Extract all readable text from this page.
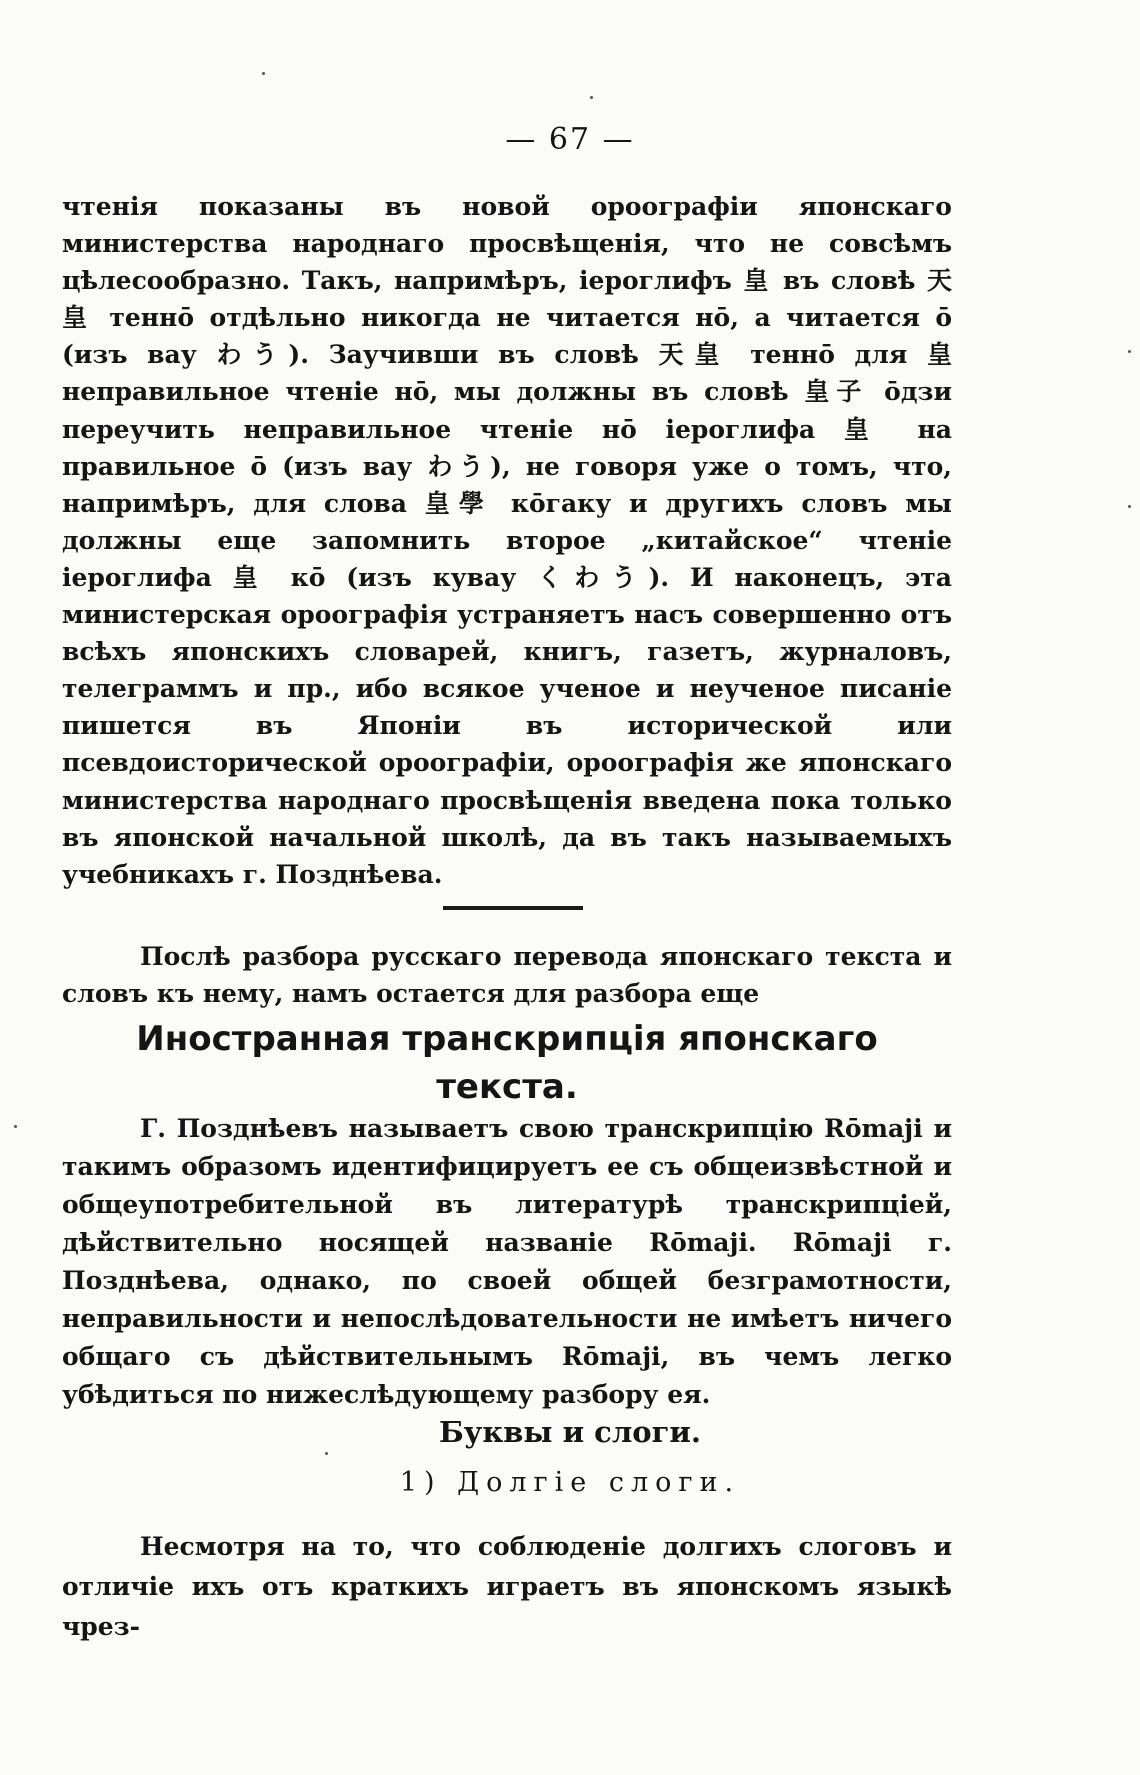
— 67 —
чтенія показаны въ новой ороографіи японскаго министерства народнаго просвѣщенія, что не совсѣмъ цѣлесообразно. Такъ, напримѣръ, іероглифъ 皇 въ словѣ 天皇 теннō отдѣльно никогда не читается нō, а читается ō (изъ вау わう). Заучивши въ словѣ 天皇 теннō для 皇 неправильное чтеніе нō, мы должны въ словѣ 皇子 ōдзи переучить неправильное чтеніе нō іероглифа 皇 на правильное ō (изъ вау わう), не говоря уже о томъ, что, напримѣръ, для слова 皇學 кōгаку и другихъ словъ мы должны еще запомнить второе „китайское“ чтеніе іероглифа 皇 кō (изъ кувау くわう). И наконецъ, эта министерская ороографія устраняетъ насъ совершенно отъ всѣхъ японскихъ словарей, книгъ, газетъ, журналовъ, телеграммъ и пр., ибо всякое ученое и неученое писаніе пишется въ Японіи въ исторической или псевдоисторической ороографіи, ороографія же японскаго министерства народнаго просвѣщенія введена пока только въ японской начальной школѣ, да въ такъ называемыхъ учебникахъ г. Позднѣева.
Послѣ разбора русскаго перевода японскаго текста и словъ къ нему, намъ остается для разбора еще
Иностранная транскрипція японскаго текста.
Г. Позднѣевъ называетъ свою транскрипцію Rōmaji и такимъ образомъ идентифицируетъ ее съ общеизвѣстной и общеупотребительной въ литературѣ транскрипціей, дѣйствительно носящей названіе Rōmaji. Rōmaji г. Позднѣева, однако, по своей общей безграмотности, неправильности и непослѣдовательности не имѣетъ ничего общаго съ дѣйствительнымъ Rōmaji, въ чемъ легко убѣдиться по нижеслѣдующему разбору ея.
Буквы и слоги.
1) Долгіе слоги.
Несмотря на то, что соблюденіе долгихъ слоговъ и отличіе ихъ отъ краткихъ играетъ въ японскомъ языкѣ чрез-
